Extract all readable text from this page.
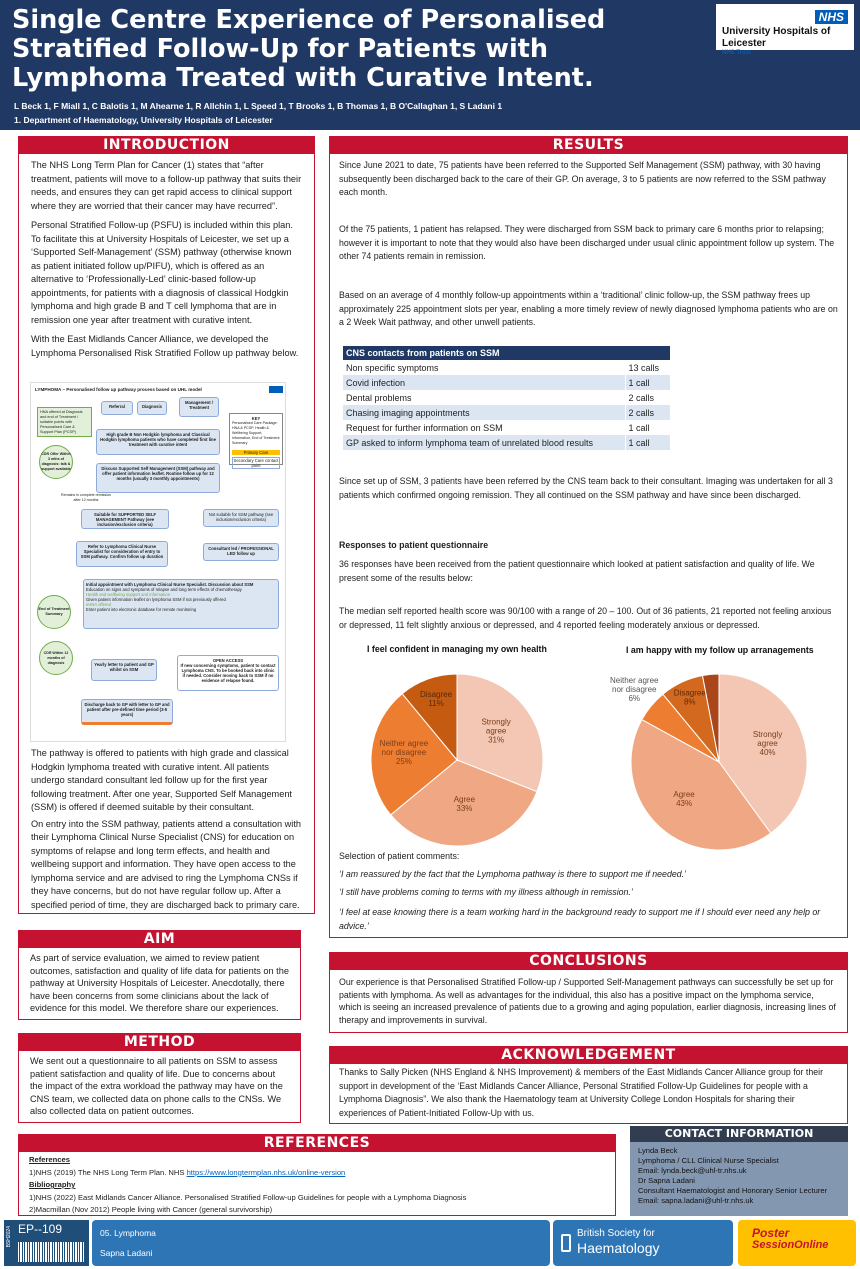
Single Centre Experience of Personalised Stratified Follow-Up for Patients with Lymphoma Treated with Curative Intent.
L Beck 1, F Miall 1, C Balotis 1, M Ahearne 1, R Allchin 1, L Speed 1, T Brooks 1, B Thomas 1, B O'Callaghan 1, S Ladani 1
1. Department of Haematology, University Hospitals of Leicester
NHS
University Hospitals of Leicester
NHS Trust
INTRODUCTION

The NHS Long Term Plan for Cancer (1) states that “after treatment, patients will move to a follow-up pathway that suits their needs, and ensures they can get rapid access to clinical support where they are worried that their cancer may have recurred”.

Personal Stratified Follow-up (PSFU) is included within this plan. To facilitate this at University Hospitals of Leicester, we set up a ‘Supported Self-Management’ (SSM) pathway (otherwise known as patient initiated follow up/PIFU), which is offered as an alternative to ‘Professionally-Led’ clinic-based follow-up appointments, for patients with a diagnosis of classical Hodgkin lymphoma and high grade B and T cell lymphoma that are in remission one year after treatment with curative intent.

With the East Midlands Cancer Alliance, we developed the Lymphoma Personalised Risk Stratified Follow up pathway below.

The pathway is offered to patients with high grade and classical Hodgkin lymphoma treated with curative intent. All patients undergo standard consultant led follow up for the first year following treatment. After one year, Supported Self Management (SSM) is offered if deemed suitable by their consultant.

On entry into the SSM pathway, patients attend a consultation with their Lymphoma Clinical Nurse Specialist (CNS) for education on symptoms of relapse and long term effects, and health and wellbeing support and information. They have open access to the lymphoma service and are advised to ring the Lymphoma CNSs if they have concerns, but do not have regular follow up. After a specified period of time, they are discharged back to primary care.

LYMPHOMA – Personalised follow up pathway process based on UHL model
HNA offered at Diagnosis and end of Treatment / suitable points with Personalised Care & Support Plan (PCSP)
Referral	Diagnosis
Management / Treatment
KEY
Personalised Care Package: HNA & PCSP, Health & Wellbeing Support, Information, End of Treatment Summary
Primary Care
Secondary Care contact point
High grade B Non Hodgkin lymphoma and Classical Hodgkin lymphoma patients who have completed first line treatment with curative intent
CDR Offer Within 3 mths of diagnosis: talk & support available	Discuss Supported Self Management (SSM) pathway and offer patient information leaflet. Routine follow up for 12 months (usually 3 monthly appointments)
Remains in complete remission after 12 months
Suitable for SUPPORTED SELF MANAGEMENT Pathway (see inclusion/exclusion criteria)
Not suitable for SSM pathway (see inclusion/exclusion criteria)
Refer to Lymphoma Clinical Nurse Specialist for consideration of entry to SSM pathway. Confirm follow up duration
Consultant led / PROFESSIONAL LED follow up
Initial appointment with Lymphoma Clinical Nurse Specialist. Discussion about SSM
Education on signs and symptoms of relapse and long term effects of chemotherapy
Health and wellbeing support and information
Given patient information leaflet on lymphoma SSM if not previously offered
eHNA offered
Enter patient into electronic database for remote monitoring
End of Treatment Summary
CDR Within 12 months of diagnosis	Yearly letter to patient and GP whilst on SSM
OPEN ACCESS
If new concerning symptoms, patient to contact Lymphoma CNS. To be booked back into clinic if needed. Consider moving back to SSM if no evidence of relapse found.
Discharge back to GP with letter to GP and patient after pre-defined time period (3-5 years)
AIM
As part of service evaluation, we aimed to review patient outcomes, satisfaction and quality of life data for patients on the pathway at University Hospitals of Leicester. Anecdotally, there have been concerns from some clinicians about the lack of evidence for this model. We therefore share our experiences.
METHOD
We sent out a questionnaire to all patients on SSM to assess patient satisfaction and quality of life. Due to concerns about the impact of the extra workload the pathway may have on the CNS team, we collected data on phone calls to the CNSs. We also collected data on patient outcomes.
RESULTS
Since June 2021 to date, 75 patients have been referred to the Supported Self Management (SSM) pathway, with 30 having subsequently been discharged back to the care of their GP. On average, 3 to 5 patients are now referred to the SSM pathway each month.
Of the 75 patients, 1 patient has relapsed. They were discharged from SSM back to primary care 6 months prior to relapsing; however it is important to note that they would also have been discharged under usual clinic appointment follow up system. The other 74 patients remain in remission.
Based on an average of 4 monthly follow-up appointments within a ‘traditional’ clinic follow-up, the SSM pathway frees up approximately 225 appointment slots per year, enabling a more timely review of newly diagnosed lymphoma patients who are on a 2 Week Wait pathway, and other unwell patients.
Since set up of SSM, 3 patients have been referred by the CNS team back to their consultant. Imaging was undertaken for all 3 patients which confirmed ongoing remission. They all continued on the SSM pathway and have since been discharged.
Responses to patient questionnaire
36 responses have been received from the patient questionnaire which looked at patient satisfaction and quality of life. We present some of the results below:
The median self reported health score was 90/100 with a range of 20 – 100. Out of 36 patients, 21 reported not feeling anxious or depressed, 11 felt slightly anxious or depressed, and 4 reported feeling moderately anxious or depressed.
Selection of patient comments:
‘I am reassured by the fact that the Lymphoma pathway is there to support me if needed.’
‘I still have problems coming to terms with my illness although in remission.’
‘I feel at ease knowing there is a team working hard in the background ready to support me if I should ever need any help or advice.’
CNS contacts from patients on SSM	
Non specific symptoms	13 calls
Covid infection	1 call
Dental problems	2 calls
Chasing imaging appointments	2 calls
Request for further information on SSM	1 call
GP asked to inform lymphoma team of unrelated blood results	1 call
I feel confident in managing my own health	I am happy with my follow up arranagements
Strongly agree 31%
Agree 33%
Neither agree nor disagree 25%
Disagree 11%
Strongly agree 40%
Agree 43%
Neither agree nor disagree 6%
Disagree 8%
CONCLUSIONS
Our experience is that Personalised Stratified Follow-up / Supported Self-Management pathways can successfully be set up for patients with lymphoma. As well as advantages for the individual, this also has a positive impact on the lymphoma service, which is seeing an increased prevalence of patients due to a growing and aging population, earlier diagnosis, increasing lines of therapy and improvements in survival.
ACKNOWLEDGEMENT
Thanks to Sally Picken (NHS England & NHS Improvement) & members of the East Midlands Cancer Alliance group for their support in development of the ‘East Midlands Cancer Alliance, Personal Stratified Follow-Up Guidelines for people with a Lymphoma Diagnosis”. We also thank the Haematology team at University College London Hospitals for sharing their experiences of Patient-Initiated Follow-Up with us.
REFERENCES
References
1)NHS (2019) The NHS Long Term Plan. NHS https://www.longtermplan.nhs.uk/online-version
Bibliography
1)NHS (2022) East Midlands Cancer Alliance. Personalised Stratified Follow-up Guidelines for people with a Lymphoma Diagnosis
2)Macmillan (Nov 2012) People living with Cancer (general survivorship)
CONTACT INFORMATION
Lynda Beck
Lymphoma / CLL Clinical Nurse Specialist
Email: lynda.beck@uhl-tr.nhs.uk
Dr Sapna Ladani
Consultant Haematologist and Honorary Senior Lecturer
Email: sapna.ladani@uhl-tr.nhs.uk
BSH2024 EP--109	05. Lymphoma
Sapna Ladani
British Society for
Haematology
Poster
SessionOnline
